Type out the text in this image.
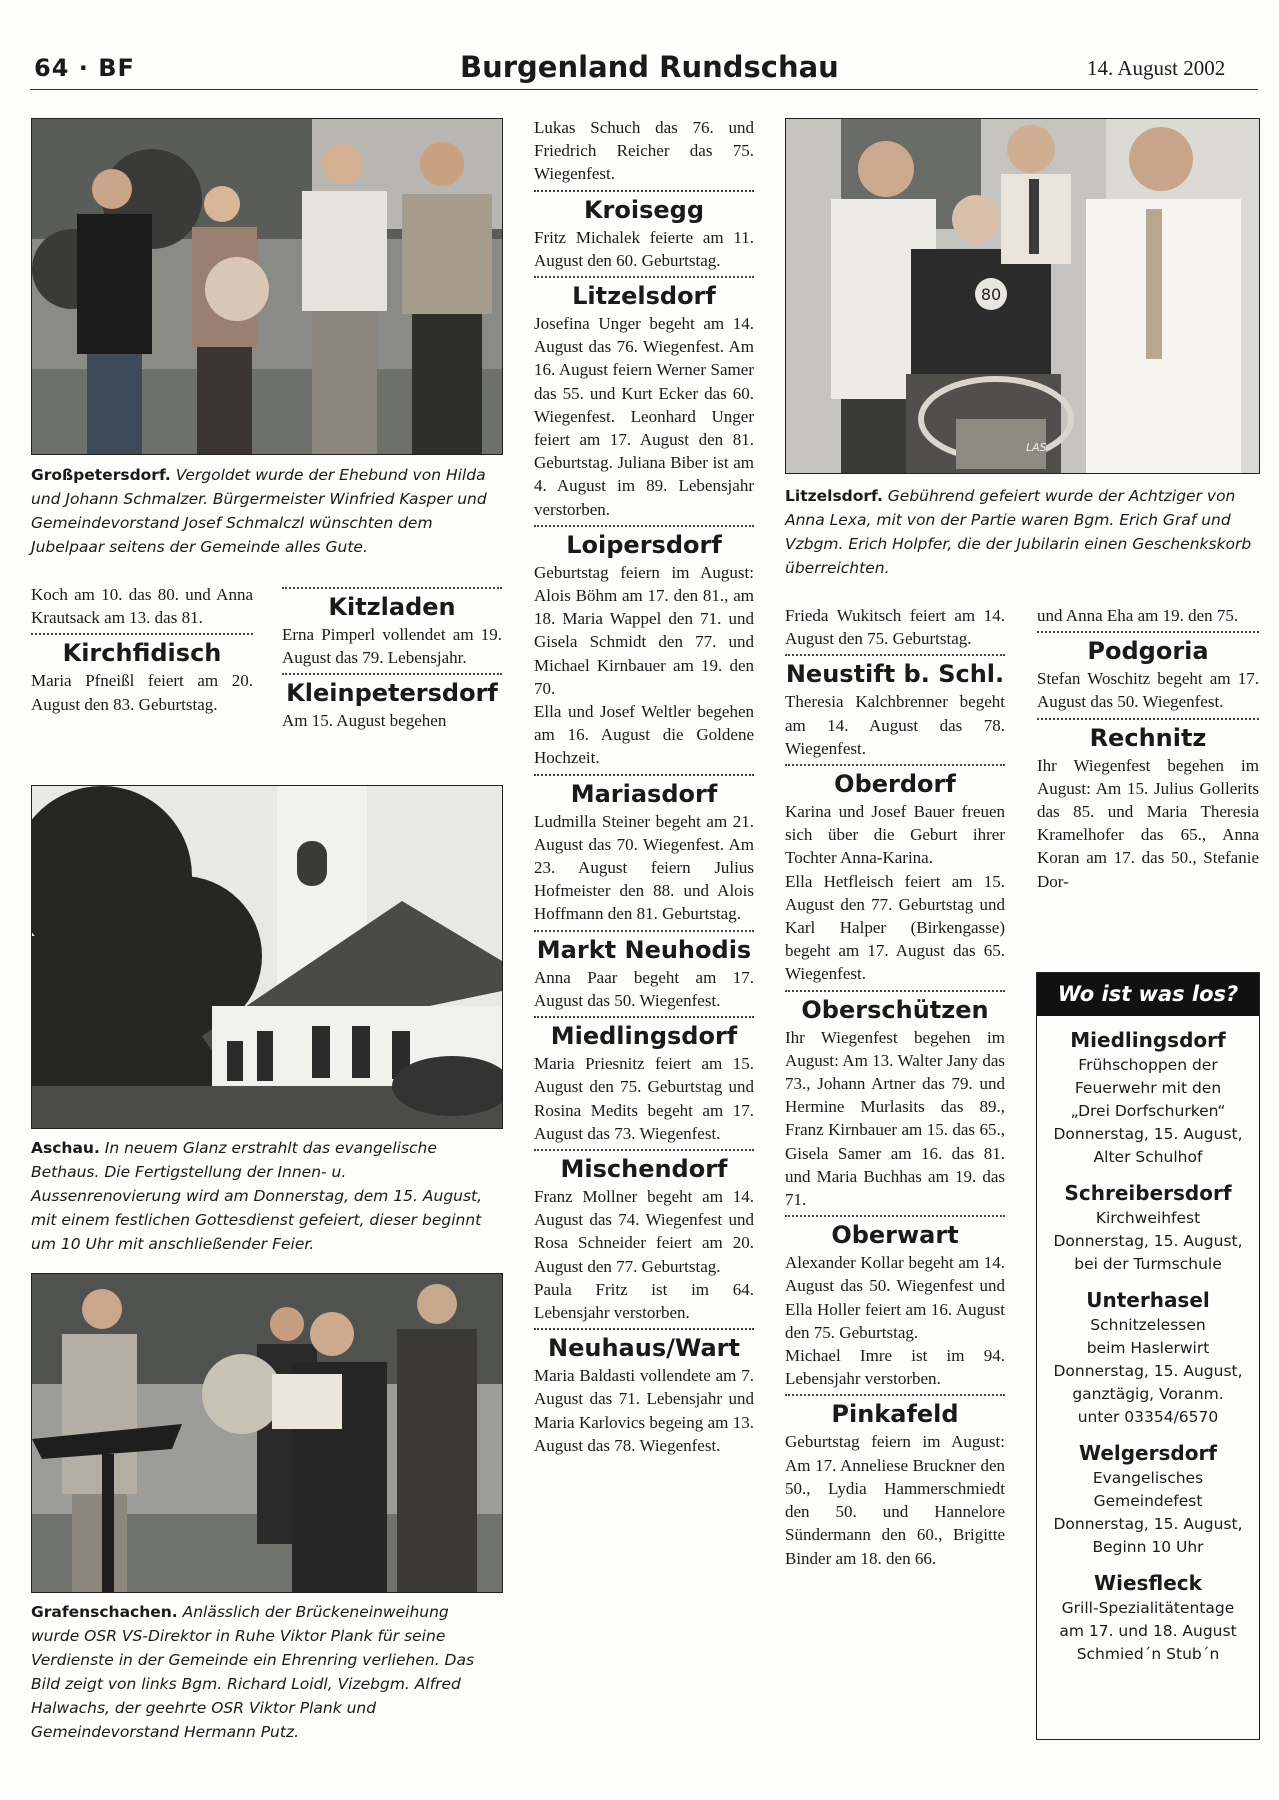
64 · BF	Burgenland Rundschau	14. August 2002
Großpetersdorf. Vergoldet wurde der Ehebund von Hilda und Johann Schmalzer. Bürgermeister Winfried Kasper und Gemeindevorstand Josef Schmalczl wünschten dem Jubelpaar seitens der Gemeinde alles Gute.

Koch am 10. das 80. und Anna Krautsack am 13. das 81.

Kirchfidisch

Maria Pfneißl feiert am 20. August den 83. Geburtstag.

Kitzladen

Erna Pimperl vollendet am 19. August das 79. Lebensjahr.

Kleinpetersdorf

Am 15. August begehen

Aschau. In neuem Glanz erstrahlt das evangelische Bethaus. Die Fertigstellung der Innen- u. Aussenrenovierung wird am Donnerstag, dem 15. August, mit einem festlichen Gottesdienst gefeiert, dieser beginnt um 10 Uhr mit anschließender Feier.
Grafenschachen. Anlässlich der Brückeneinweihung wurde OSR VS-Direktor in Ruhe Viktor Plank für seine Verdienste in der Gemeinde ein Ehrenring verliehen. Das Bild zeigt von links Bgm. Richard Loidl, Vizebgm. Alfred Halwachs, der geehrte OSR Viktor Plank und Gemeindevorstand Hermann Putz.

Lukas Schuch das 76. und Friedrich Reicher das 75. Wiegenfest.

Kroisegg

Fritz Michalek feierte am 11. August den 60. Geburtstag.

Litzelsdorf

Josefina Unger begeht am 14. August das 76. Wiegenfest. Am 16. August feiern Werner Samer das 55. und Kurt Ecker das 60. Wiegenfest. Leonhard Unger feiert am 17. August den 81. Geburtstag. Juliana Biber ist am 4. August im 89. Lebensjahr verstorben.

Loipersdorf

Geburtstag feiern im August: Alois Böhm am 17. den 81., am 18. Maria Wappel den 71. und Gisela Schmidt den 77. und Michael Kirnbauer am 19. den 70.

Ella und Josef Weltler begehen am 16. August die Goldene Hochzeit.

Mariasdorf

Ludmilla Steiner begeht am 21. August das 70. Wiegenfest. Am 23. August feiern Julius Hofmeister den 88. und Alois Hoffmann den 81. Geburtstag.

Markt Neuhodis

Anna Paar begeht am 17. August das 50. Wiegenfest.

Miedlingsdorf

Maria Priesnitz feiert am 15. August den 75. Geburtstag und Rosina Medits begeht am 17. August das 73. Wiegenfest.

Mischendorf

Franz Mollner begeht am 14. August das 74. Wiegenfest und Rosa Schneider feiert am 20. August den 77. Geburtstag.

Paula Fritz ist im 64. Lebensjahr verstorben.

Neuhaus/Wart

Maria Baldasti vollendete am 7. August das 71. Lebensjahr und Maria Karlovics begeing am 13. August das 78. Wiegenfest.

80
LAS
Litzelsdorf. Gebührend gefeiert wurde der Achtziger von Anna Lexa, mit von der Partie waren Bgm. Erich Graf und Vzbgm. Erich Holpfer, die der Jubilarin einen Geschenkskorb überreichten.

Frieda Wukitsch feiert am 14. August den 75. Geburtstag.

Neustift b. Schl.

Theresia Kalchbrenner begeht am 14. August das 78. Wiegenfest.

Oberdorf

Karina und Josef Bauer freuen sich über die Geburt ihrer Tochter Anna-Karina.

Ella Hetfleisch feiert am 15. August den 77. Geburtstag und Karl Halper (Birkengasse) begeht am 17. August das 65. Wiegenfest.

Oberschützen

Ihr Wiegenfest begehen im August: Am 13. Walter Jany das 73., Johann Artner das 79. und Hermine Murlasits das 89., Franz Kirnbauer am 15. das 65., Gisela Samer am 16. das 81. und Maria Buchhas am 19. das 71.

Oberwart

Alexander Kollar begeht am 14. August das 50. Wiegenfest und Ella Holler feiert am 16. August den 75. Geburtstag.

Michael Imre ist im 94. Lebensjahr verstorben.

Pinkafeld

Geburtstag feiern im August: Am 17. Anneliese Bruckner den 50., Lydia Hammerschmiedt den 50. und Hannelore Sündermann den 60., Brigitte Binder am 18. den 66.

und Anna Eha am 19. den 75.

Podgoria

Stefan Woschitz begeht am 17. August das 50. Wiegenfest.

Rechnitz

Ihr Wiegenfest begehen im August: Am 15. Julius Gollerits das 85. und Maria Theresia Kramelhofer das 65., Anna Koran am 17. das 50., Stefanie Dor-

Wo ist was los?
Miedlingsdorf
Frühschoppen der
Feuerwehr mit den
„Drei Dorfschurken“
Donnerstag, 15. August,
Alter Schulhof
Schreibersdorf
Kirchweihfest
Donnerstag, 15. August,
bei der Turmschule
Unterhasel
Schnitzelessen
beim Haslerwirt
Donnerstag, 15. August,
ganztägig, Voranm.
unter 03354/6570
Welgersdorf
Evangelisches
Gemeindefest
Donnerstag, 15. August,
Beginn 10 Uhr
Wiesfleck
Grill-Spezialitätentage
am 17. und 18. August
Schmied´n Stub´n
